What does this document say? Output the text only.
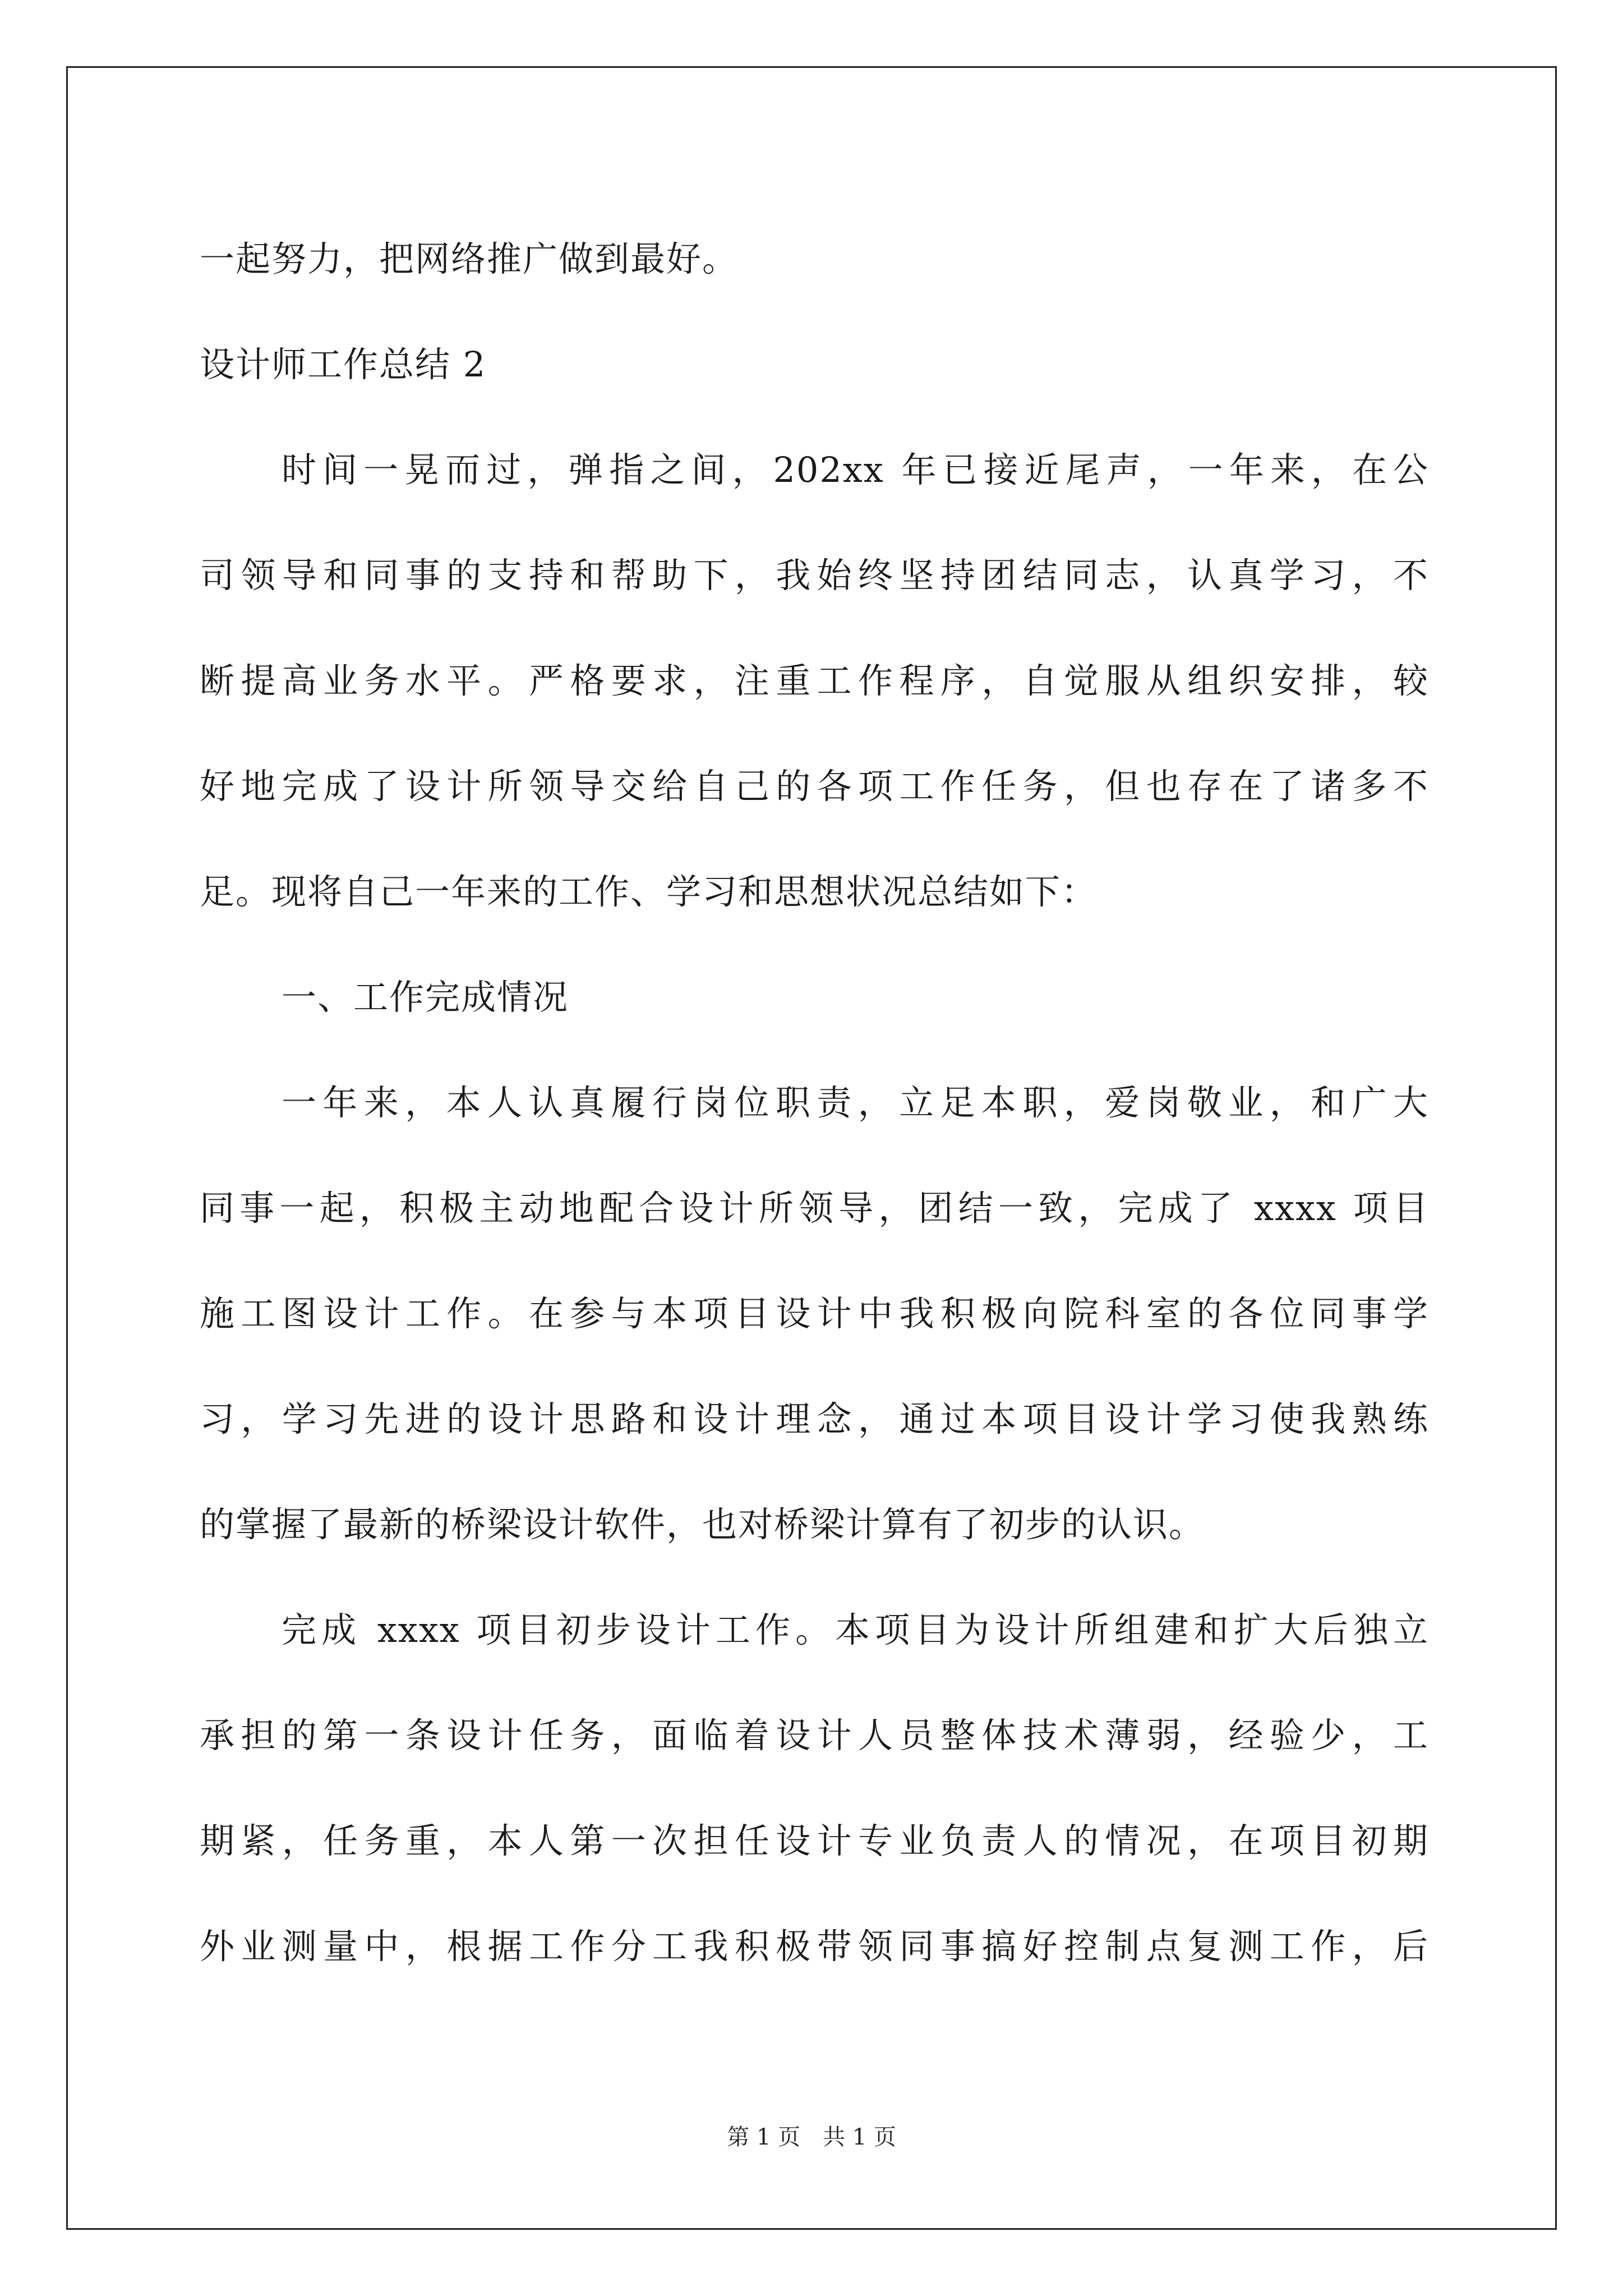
一起努力，把网络推广做到最好。
设计师工作总结 2
时间一晃而过，弹指之间，202xx 年已接近尾声，一年来，在公
司领导和同事的支持和帮助下，我始终坚持团结同志，认真学习，不
断提高业务水平。严格要求，注重工作程序，自觉服从组织安排，较
好地完成了设计所领导交给自己的各项工作任务，但也存在了诸多不
足。现将自己一年来的工作、学习和思想状况总结如下：
一、工作完成情况
一年来，本人认真履行岗位职责，立足本职，爱岗敬业，和广大
同事一起，积极主动地配合设计所领导，团结一致，完成了 xxxx 项目
施工图设计工作。在参与本项目设计中我积极向院科室的各位同事学
习，学习先进的设计思路和设计理念，通过本项目设计学习使我熟练
的掌握了最新的桥梁设计软件，也对桥梁计算有了初步的认识。
完成 xxxx 项目初步设计工作。本项目为设计所组建和扩大后独立
承担的第一条设计任务，面临着设计人员整体技术薄弱，经验少，工
期紧，任务重，本人第一次担任设计专业负责人的情况，在项目初期
外业测量中，根据工作分工我积极带领同事搞好控制点复测工作，后
第 1 页　共 1 页
